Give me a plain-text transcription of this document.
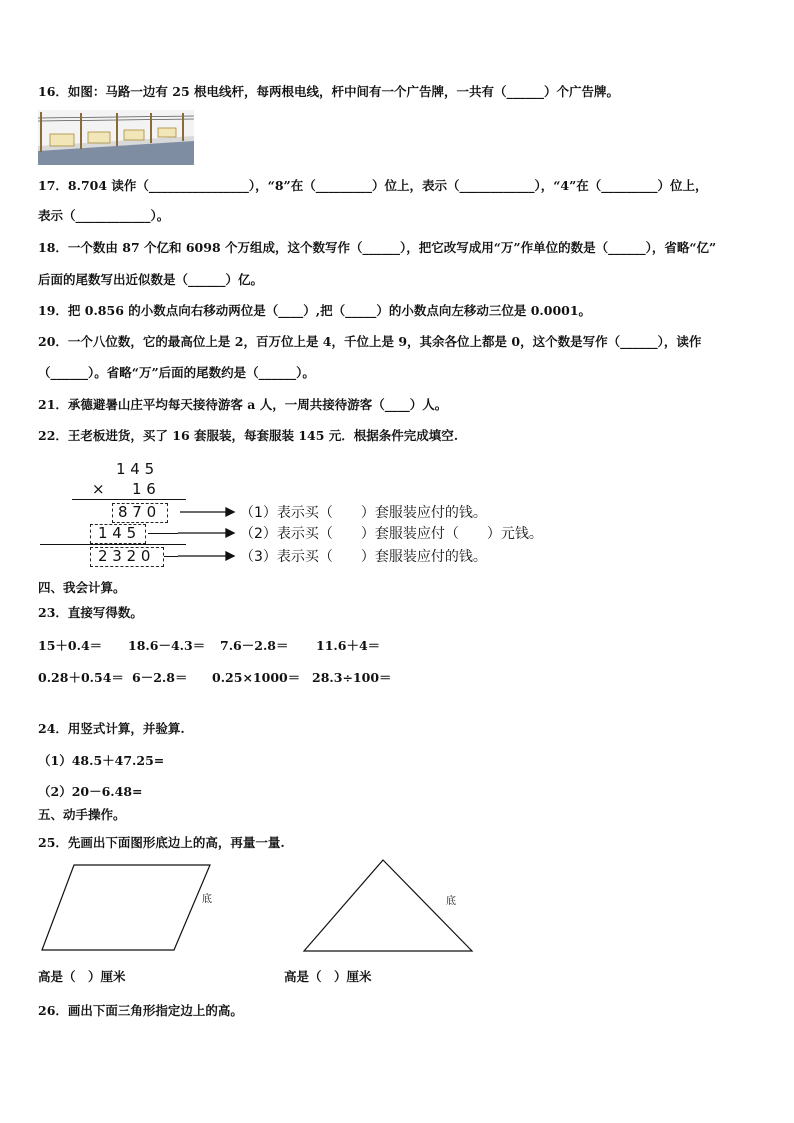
16．如图：马路一边有 25 根电线杆，每两根电线，杆中间有一个广告牌，一共有（______）个广告牌。
17．8.704 读作（________________），“8”在（_________）位上，表示（____________），“4”在（_________）位上，
表示（____________）。
18．一个数由 87 个亿和 6098 个万组成，这个数写作（______），把它改写成用“万”作单位的数是（______），省略“亿”
后面的尾数写出近似数是（______）亿。
19．把 0.856 的小数点向右移动两位是（____）,把（_____）的小数点向左移动三位是 0.0001。
20．一个八位数，它的最高位上是 2，百万位上是 4，千位上是 9，其余各位上都是 0，这个数是写作（______），读作
（______）。省略“万”后面的尾数约是（______）。
21．承德避暑山庄平均每天接待游客 a 人，一周共接待游客（____）人。
22．王老板进货，买了 16 套服装，每套服装 145 元．根据条件完成填空.
1 4 5
× 1 6
8 7 0
1 4 5
2 3 2 0
（1）表示买（　　）套服装应付的钱。
（2）表示买（　　）套服装应付（　　）元钱。
（3）表示买（　　）套服装应付的钱。
四、我会计算。
23．直接写得数。
15＋0.4＝ 18.6－4.3＝ 7.6－2.8＝ 11.6＋4＝
0.28＋0.54＝ 6－2.8＝ 0.25×1000＝ 28.3÷100＝
24．用竖式计算，并验算.
（1）48.5＋47.25=
（2）20－6.48=
五、动手操作。
25．先画出下面图形底边上的高，再量一量.
底	底
高是（　）厘米	高是（　）厘米
26．画出下面三角形指定边上的高。
